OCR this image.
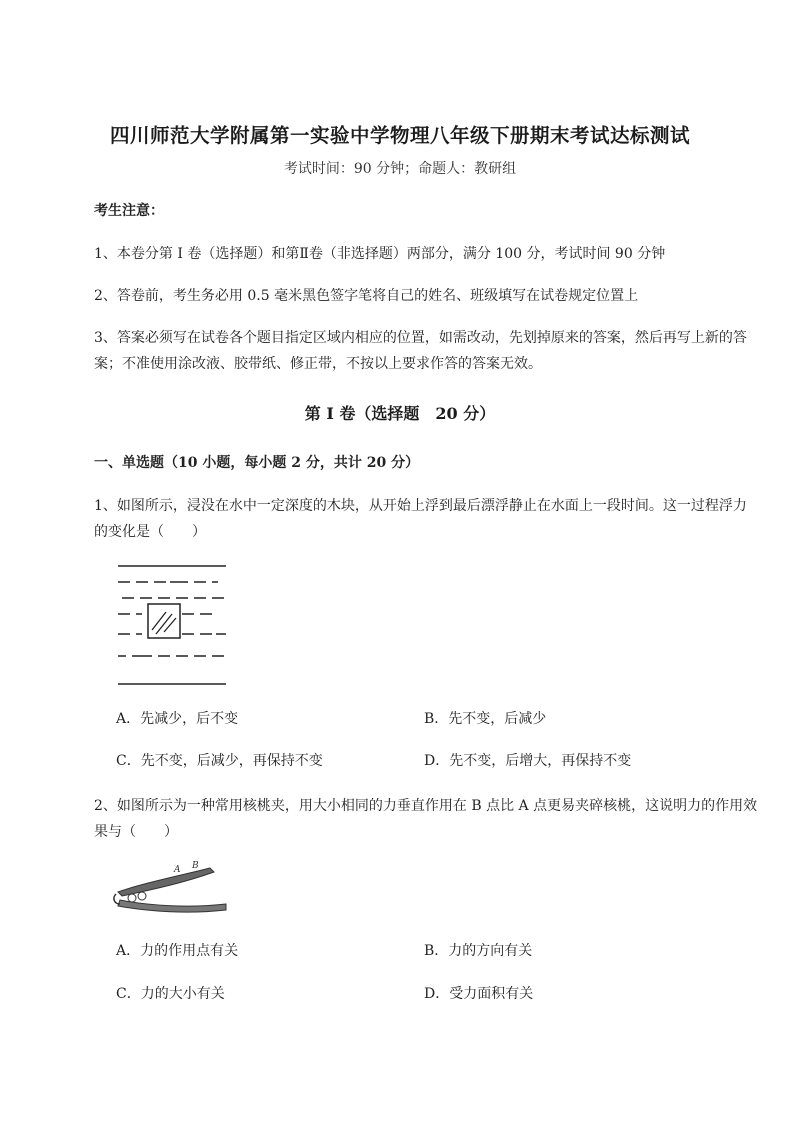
四川师范大学附属第一实验中学物理八年级下册期末考试达标测试
考试时间：90 分钟；命题人：教研组
考生注意：
1、本卷分第 I 卷（选择题）和第Ⅱ卷（非选择题）两部分，满分 100 分，考试时间 90 分钟
2、答卷前，考生务必用 0.5 毫米黑色签字笔将自己的姓名、班级填写在试卷规定位置上
3、答案必须写在试卷各个题目指定区域内相应的位置，如需改动，先划掉原来的答案，然后再写上新的答案；不准使用涂改液、胶带纸、修正带，不按以上要求作答的答案无效。
第 I 卷（选择题　20 分）
一、单选题（10 小题，每小题 2 分，共计 20 分）
1、如图所示，浸没在水中一定深度的木块，从开始上浮到最后漂浮静止在水面上一段时间。这一过程浮力的变化是（　　）
A．先减少，后不变	B．先不变，后减少
C．先不变，后减少，再保持不变	D．先不变，后增大，再保持不变
2、如图所示为一种常用核桃夹，用大小相同的力垂直作用在 B 点比 A 点更易夹碎核桃，这说明力的作用效果与（　　）
A B
A．力的作用点有关	B．力的方向有关
C．力的大小有关	D．受力面积有关
